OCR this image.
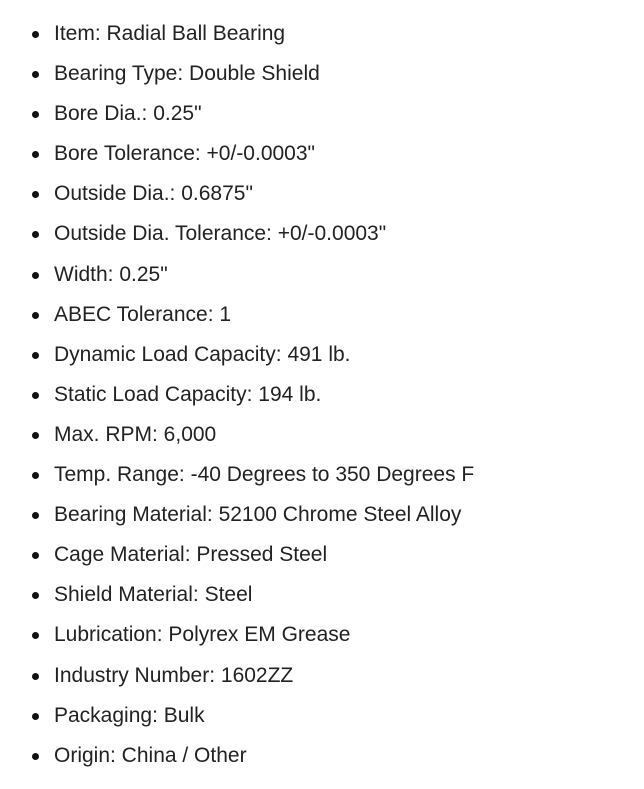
Item: Radial Ball Bearing
Bearing Type: Double Shield
Bore Dia.: 0.25"
Bore Tolerance: +0/-0.0003"
Outside Dia.: 0.6875"
Outside Dia. Tolerance: +0/-0.0003"
Width: 0.25"
ABEC Tolerance: 1
Dynamic Load Capacity: 491 lb.
Static Load Capacity: 194 lb.
Max. RPM: 6,000
Temp. Range: -40 Degrees to 350 Degrees F
Bearing Material: 52100 Chrome Steel Alloy
Cage Material: Pressed Steel
Shield Material: Steel
Lubrication: Polyrex EM Grease
Industry Number: 1602ZZ
Packaging: Bulk
Origin: China / Other
